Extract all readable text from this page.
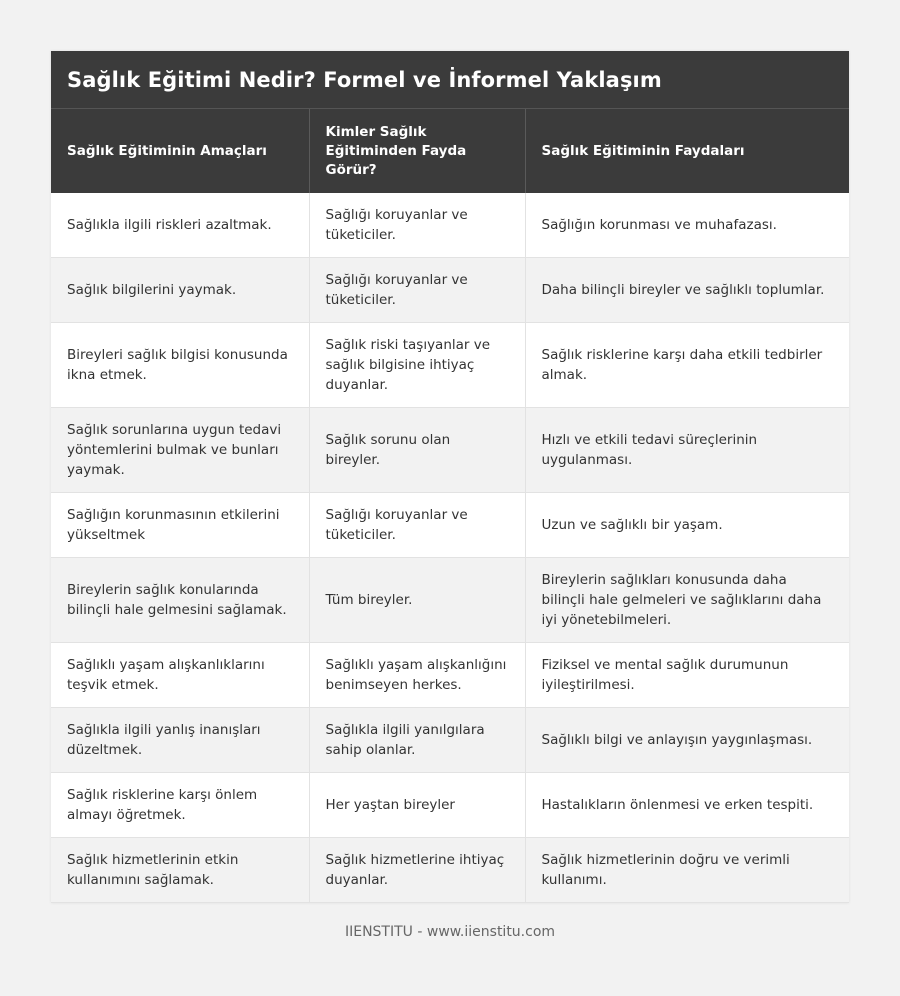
Sağlık Eğitimi Nedir? Formel ve İnformel Yaklaşım
Sağlık Eğitiminin Amaçları	Kimler Sağlık Eğitiminden Fayda Görür?	Sağlık Eğitiminin Faydaları
Sağlıkla ilgili riskleri azaltmak.	Sağlığı koruyanlar ve tüketiciler.	Sağlığın korunması ve muhafazası.
Sağlık bilgilerini yaymak.	Sağlığı koruyanlar ve tüketiciler.	Daha bilinçli bireyler ve sağlıklı toplumlar.
Bireyleri sağlık bilgisi konusunda ikna etmek.	Sağlık riski taşıyanlar ve sağlık bilgisine ihtiyaç duyanlar.	Sağlık risklerine karşı daha etkili tedbirler almak.
Sağlık sorunlarına uygun tedavi yöntemlerini bulmak ve bunları yaymak.	Sağlık sorunu olan bireyler.	Hızlı ve etkili tedavi süreçlerinin uygulanması.
Sağlığın korunmasının etkilerini yükseltmek	Sağlığı koruyanlar ve tüketiciler.	Uzun ve sağlıklı bir yaşam.
Bireylerin sağlık konularında bilinçli hale gelmesini sağlamak.	Tüm bireyler.	Bireylerin sağlıkları konusunda daha bilinçli hale gelmeleri ve sağlıklarını daha iyi yönetebilmeleri.
Sağlıklı yaşam alışkanlıklarını teşvik etmek.	Sağlıklı yaşam alışkanlığını benimseyen herkes.	Fiziksel ve mental sağlık durumunun iyileştirilmesi.
Sağlıkla ilgili yanlış inanışları düzeltmek.	Sağlıkla ilgili yanılgılara sahip olanlar.	Sağlıklı bilgi ve anlayışın yaygınlaşması.
Sağlık risklerine karşı önlem almayı öğretmek.	Her yaştan bireyler	Hastalıkların önlenmesi ve erken tespiti.
Sağlık hizmetlerinin etkin kullanımını sağlamak.	Sağlık hizmetlerine ihtiyaç duyanlar.	Sağlık hizmetlerinin doğru ve verimli kullanımı.
IIENSTITU - www.iienstitu.com
